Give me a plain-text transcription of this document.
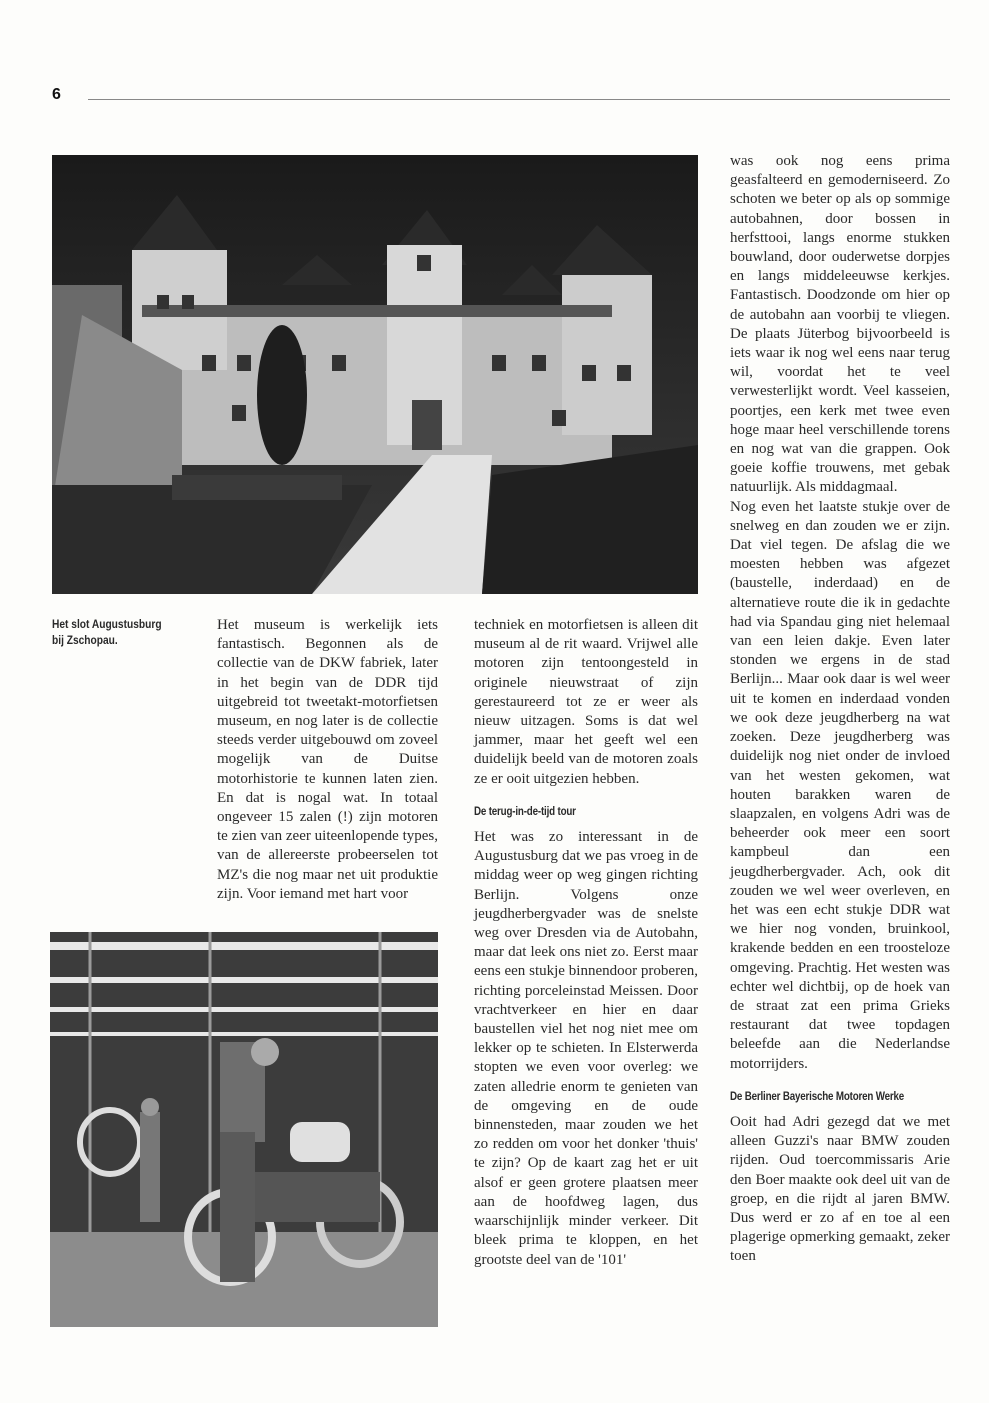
6
Het slot Augustusburg bij Zschopau.

Het museum is werkelijk iets fantastisch. Begonnen als de collectie van de DKW fabriek, later in het begin van de DDR tijd uitgebreid tot tweetakt-motorfietsen museum, en nog later is de collectie steeds verder uitgebouwd om zoveel mogelijk van de Duitse motorhistorie te kunnen laten zien. En dat is nogal wat. In totaal ongeveer 15 zalen (!) zijn motoren te zien van zeer uiteenlopende types, van de allereerste probeerselen tot MZ's die nog maar net uit produktie zijn. Voor iemand met hart voor

techniek en motorfietsen is alleen dit museum al de rit waard. Vrijwel alle motoren zijn tentoongesteld in originele nieuwstraat of zijn gerestaureerd tot ze er weer als nieuw uitzagen. Soms is dat wel jammer, maar het geeft wel een duidelijk beeld van de motoren zoals ze er ooit uitgezien hebben.

De terug-in-de-tijd tour

Het was zo interessant in de Augustusburg dat we pas vroeg in de middag weer op weg gingen richting Berlijn. Volgens onze jeugdherbergvader was de snelste weg over Dresden via de Autobahn, maar dat leek ons niet zo. Eerst maar eens een stukje binnendoor proberen, richting porceleinstad Meissen. Door vrachtverkeer en hier en daar baustellen viel het nog niet mee om lekker op te schieten. In Elsterwerda stopten we even voor overleg: we zaten alledrie enorm te genieten van de omgeving en de oude binnensteden, maar zouden we het zo redden om voor het donker 'thuis' te zijn? Op de kaart zag het er uit alsof er geen grotere plaatsen meer aan de hoofdweg lagen, dus waarschijnlijk minder verkeer. Dit bleek prima te kloppen, en het grootste deel van de '101'

was ook nog eens prima geasfalteerd en gemoderniseerd. Zo schoten we beter op als op sommige autobahnen, door bossen in herfsttooi, langs enorme stukken bouwland, door ouderwetse dorpjes en langs middeleeuwse kerkjes. Fantastisch. Doodzonde om hier op de autobahn aan voorbij te vliegen. De plaats Jüterbog bijvoorbeeld is iets waar ik nog wel eens naar terug wil, voordat het te veel verwesterlijkt wordt. Veel kasseien, poortjes, een kerk met twee even hoge maar heel verschillende torens en nog wat van die grappen. Ook goeie koffie trouwens, met gebak natuurlijk. Als middagmaal.

Nog even het laatste stukje over de snelweg en dan zouden we er zijn. Dat viel tegen. De afslag die we moesten hebben was afgezet (baustelle, inderdaad) en de alternatieve route die ik in gedachte had via Spandau ging niet helemaal van een leien dakje. Even later stonden we ergens in de stad Berlijn... Maar ook daar is wel weer uit te komen en inderdaad vonden we ook deze jeugdherberg na wat zoeken. Deze jeugdherberg was duidelijk nog niet onder de invloed van het westen gekomen, wat houten barakken waren de slaapzalen, en volgens Adri was de beheerder ook meer een soort kampbeul dan een jeugdherbergvader. Ach, ook dit zouden we wel weer overleven, en het was een echt stukje DDR wat we hier nog vonden, bruinkool, krakende bedden en een troosteloze omgeving. Prachtig. Het westen was echter wel dichtbij, op de hoek van de straat zat een prima Grieks restaurant dat twee topdagen beleefde aan die Nederlandse motorrijders.

De Berliner Bayerische Motoren Werke

Ooit had Adri gezegd dat we met alleen Guzzi's naar BMW zouden rijden. Oud toercommissaris Arie den Boer maakte ook deel uit van de groep, en die rijdt al jaren BMW. Dus werd er zo af en toe al een plagerige opmerking gemaakt, zeker toen
